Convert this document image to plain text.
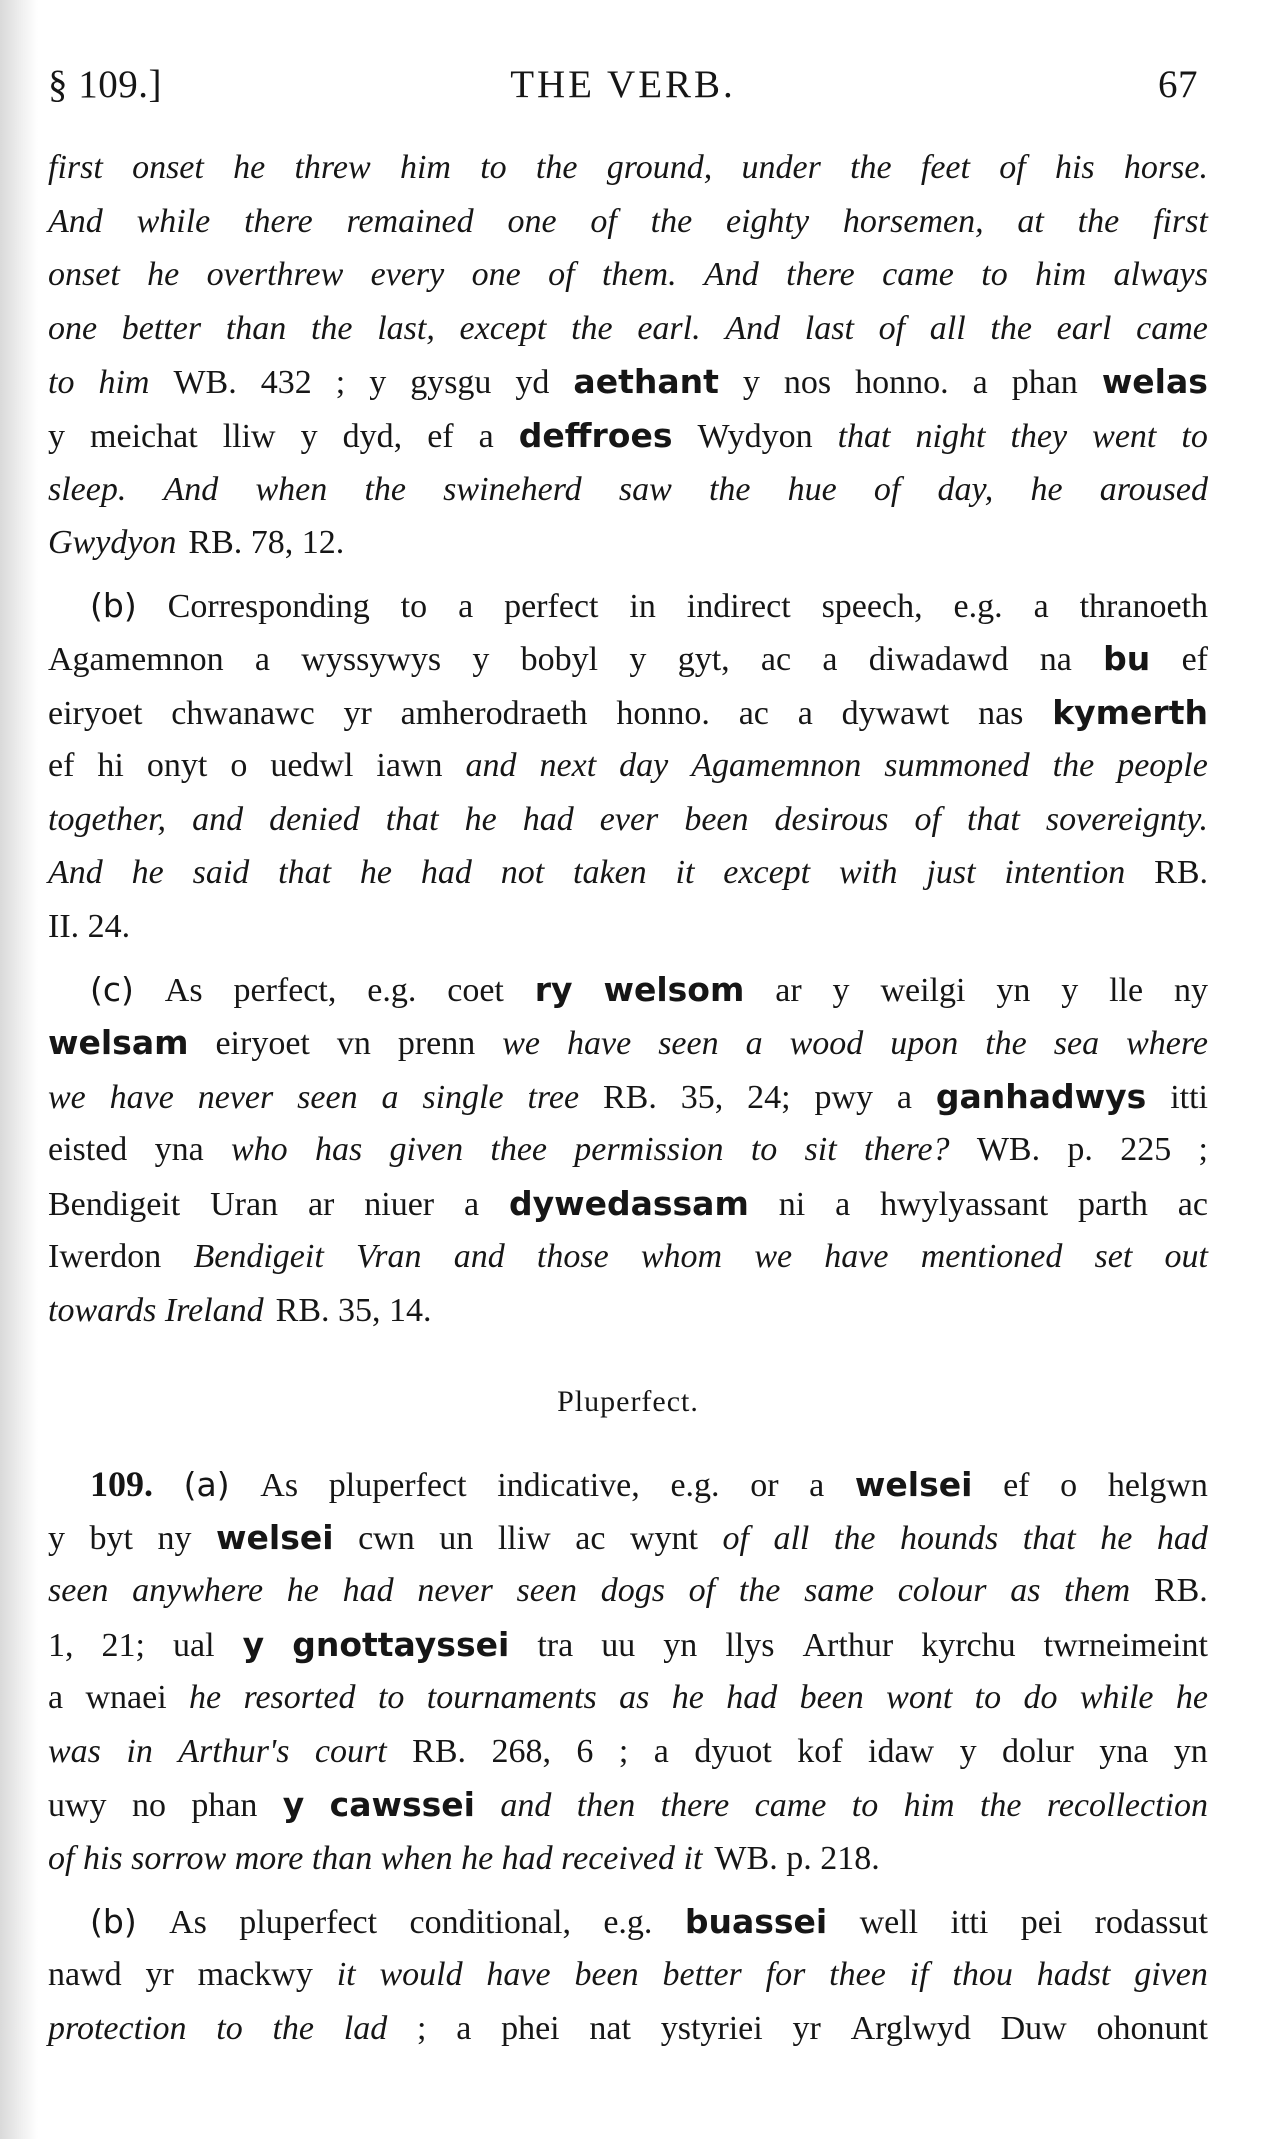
THE VERB.
§ 109.]	67
first onset he threw him to the ground, under the feet of his horse.
And while there remained one of the eighty horsemen, at the first
onset he overthrew every one of them. And there came to him always
one better than the last, except the earl. And last of all the earl came
to him WB. 432 ; y gysgu yd aethant y nos honno. a phan welas
y meichat lliw y dyd, ef a deffroes Wydyon that night they went to
sleep. And when the swineherd saw the hue of day, he aroused
Gwydyon RB. 78, 12.
(b) Corresponding to a perfect in indirect speech, e.g. a thranoeth
Agamemnon a wyssywys y bobyl y gyt, ac a diwadawd na bu ef
eiryoet chwanawc yr amherodraeth honno. ac a dywawt nas kymerth
ef hi onyt o uedwl iawn and next day Agamemnon summoned the people
together, and denied that he had ever been desirous of that sovereignty.
And he said that he had not taken it except with just intention RB.
II. 24.
(c) As perfect, e.g. coet ry welsom ar y weilgi yn y lle ny
welsam eiryoet vn prenn we have seen a wood upon the sea where
we have never seen a single tree RB. 35, 24; pwy a ganhadwys itti
eisted yna who has given thee permission to sit there? WB. p. 225 ;
Bendigeit Uran ar niuer a dywedassam ni a hwylyassant parth ac
Iwerdon Bendigeit Vran and those whom we have mentioned set out
towards Ireland RB. 35, 14.
Pluperfect.
109. (a) As pluperfect indicative, e.g. or a welsei ef o helgwn
y byt ny welsei cwn un lliw ac wynt of all the hounds that he had
seen anywhere he had never seen dogs of the same colour as them RB.
1, 21; ual y gnottayssei tra uu yn llys Arthur kyrchu twrneimeint
a wnaei he resorted to tournaments as he had been wont to do while he
was in Arthur's court RB. 268, 6 ; a dyuot kof idaw y dolur yna yn
uwy no phan y cawssei and then there came to him the recollection
of his sorrow more than when he had received it WB. p. 218.
(b) As pluperfect conditional, e.g. buassei well itti pei rodassut
nawd yr mackwy it would have been better for thee if thou hadst given
protection to the lad ; a phei nat ystyriei yr Arglwyd Duw ohonunt
